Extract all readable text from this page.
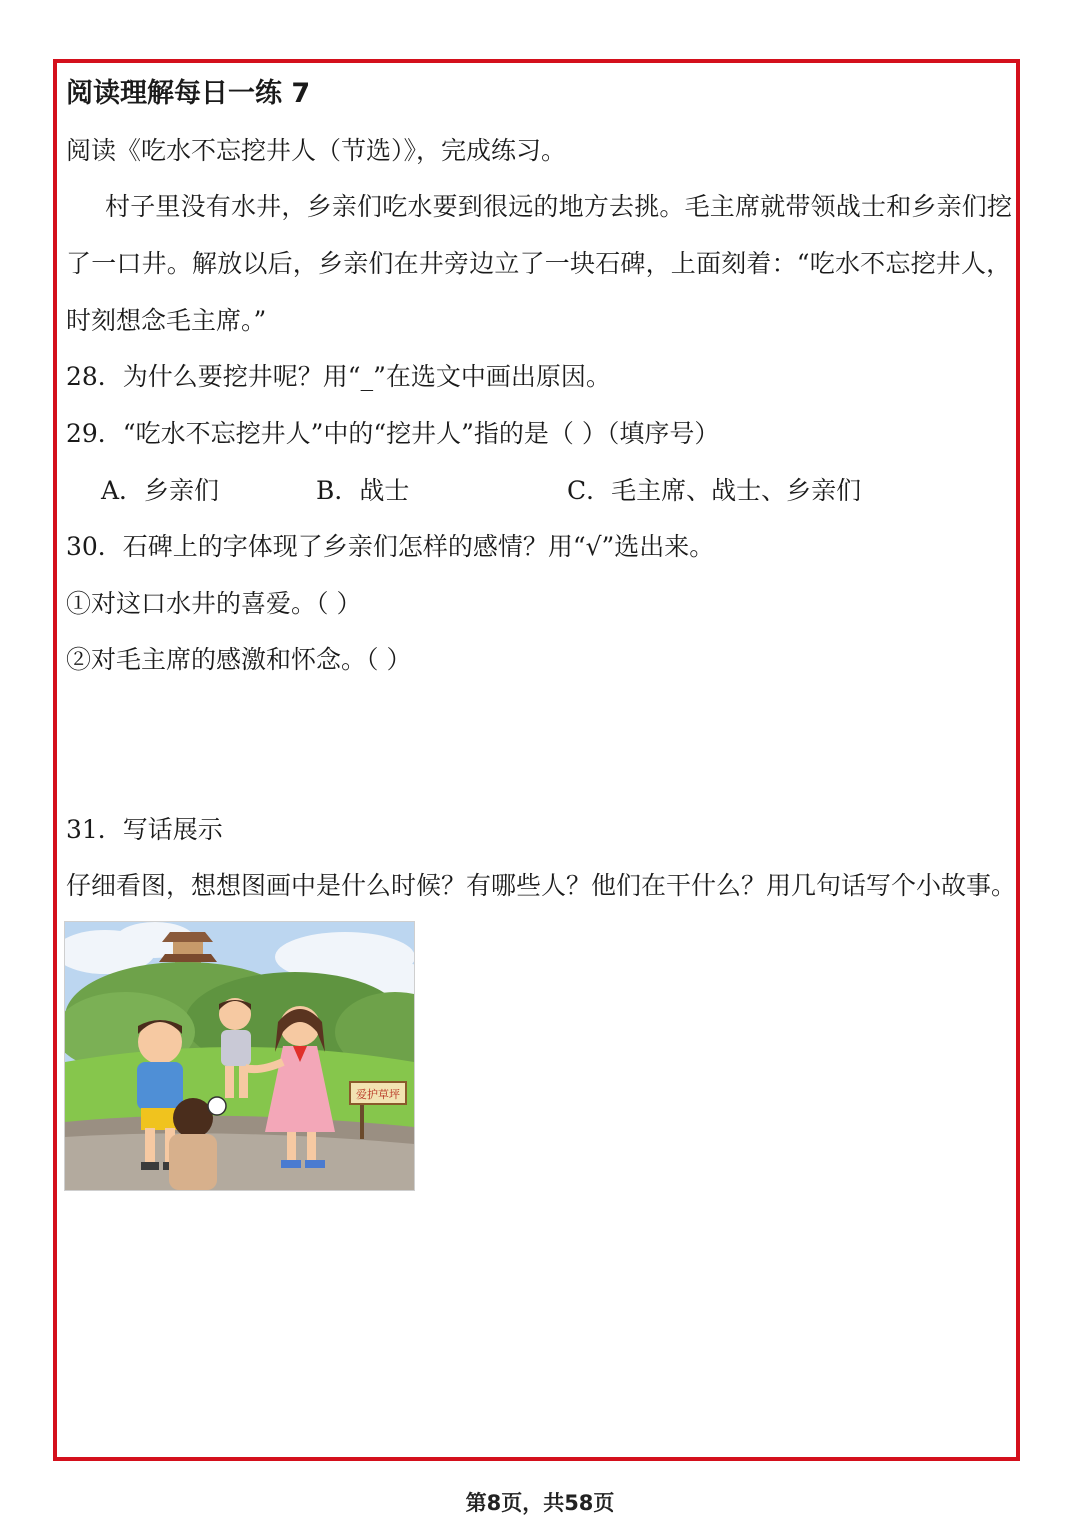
阅读理解每日一练 7
阅读《吃水不忘挖井人（节选）》，完成练习。
村子里没有水井，乡亲们吃水要到很远的地方去挑。毛主席就带领战士和乡亲们挖
了一口井。解放以后，乡亲们在井旁边立了一块石碑，上面刻着：“吃水不忘挖井人，
时刻想念毛主席。”
28．为什么要挖井呢？用“_”在选文中画出原因。
29．“吃水不忘挖井人”中的“挖井人”指的是（ ）（填序号）
A．乡亲们	B．战士	C．毛主席、战士、乡亲们
30．石碑上的字体现了乡亲们怎样的感情？用“√”选出来。
①对这口水井的喜爱。（ ）
②对毛主席的感激和怀念。（ ）
31．写话展示
仔细看图，想想图画中是什么时候？有哪些人？他们在干什么？用几句话写个小故事。
爱护草坪
第8页，共58页
